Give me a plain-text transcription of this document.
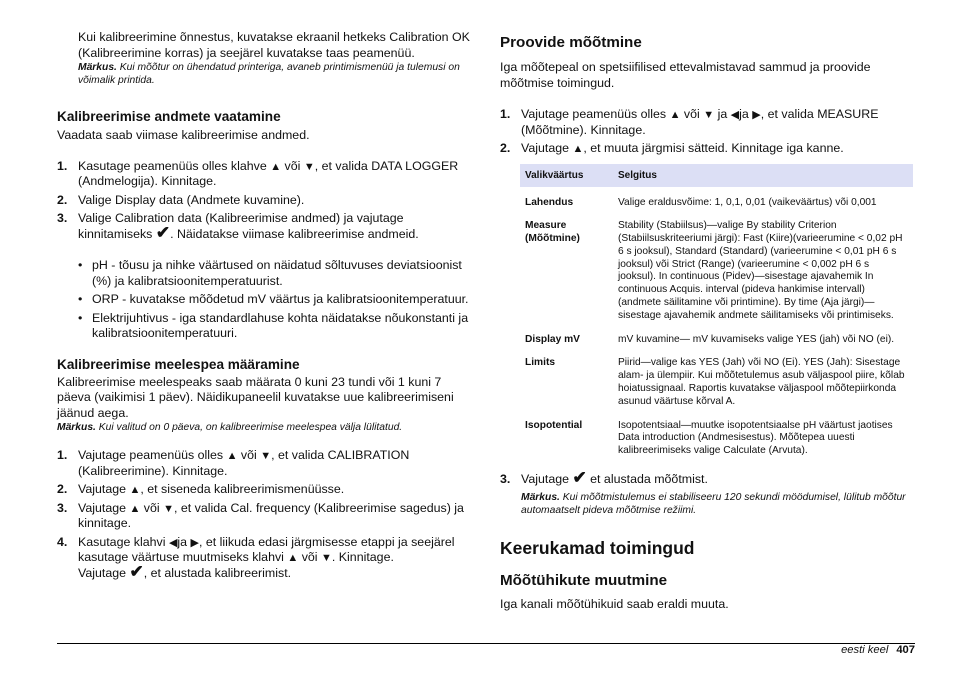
Kui kalibreerimine õnnestus, kuvatakse ekraanil hetkeks Calibration OK (Kalibreerimine korras) ja seejärel kuvatakse taas peamenüü.

Märkus. Kui mõõtur on ühendatud printeriga, avaneb printimismenüü ja tulemusi on võimalik printida.

Kalibreerimise andmete vaatamine

Vaadata saab viimase kalibreerimise andmed.

1. Kasutage peamenüüs olles klahve ▲ või ▼, et valida DATA LOGGER (Andmelogija). Kinnitage.
2. Valige Display data (Andmete kuvamine).
3. Valige Calibration data (Kalibreerimise andmed) ja vajutage kinnitamiseks ✔. Näidatakse viimase kalibreerimise andmeid.
• pH - tõusu ja nihke väärtused on näidatud sõltuvuses deviatsioonist (%) ja kalibratsioonitemperatuurist.
• ORP - kuvatakse mõõdetud mV väärtus ja kalibratsioonitemperatuur.
• Elektrijuhtivus - iga standardlahuse kohta näidatakse nõukonstanti ja kalibratsioonitemperatuuri.
Kalibreerimise meelespea määramine

Kalibreerimise meelespeaks saab määrata 0 kuni 23 tundi või 1 kuni 7 päeva (vaikimisi 1 päev). Näidikupaneelil kuvatakse uue kalibreerimiseni jäänud aega.

Märkus. Kui valitud on 0 päeva, on kalibreerimise meelespea välja lülitatud.

1. Vajutage peamenüüs olles ▲ või ▼, et valida CALIBRATION (Kalibreerimine). Kinnitage.
2. Vajutage ▲, et siseneda kalibreerimismenüüsse.
3. Vajutage ▲ või ▼, et valida Cal. frequency (Kalibreerimise sagedus) ja kinnitage.
4. Kasutage klahvi ◀ja ▶, et liikuda edasi järgmisesse etappi ja seejärel kasutage väärtuse muutmiseks klahvi ▲ või ▼. Kinnitage.
Vajutage ✔, et alustada kalibreerimist.
Proovide mõõtmine

Iga mõõtepeal on spetsiifilised ettevalmistavad sammud ja proovide mõõtmise toimingud.

1. Vajutage peamenüüs olles ▲ või ▼ ja ◀ja ▶, et valida MEASURE (Mõõtmine). Kinnitage.
2. Vajutage ▲, et muuta järgmisi sätteid. Kinnitage iga kanne.
Valikväärtus	Selgitus
Lahendus	Valige eraldusvõime: 1, 0,1, 0,01 (vaikeväärtus) või 0,001
Measure (Mõõtmine)	Stability (Stabiilsus)—valige By stability Criterion (Stabiilsuskriteeriumi järgi): Fast (Kiire)(varieerumine < 0,02 pH 6 s jooksul), Standard (Standard) (varieerumine < 0,01 pH 6 s jooksul) või Strict (Range) (varieerumine < 0,002 pH 6 s jooksul). In continuous (Pidev)—sisestage ajavahemik In continuous Acquis. interval (pideva hankimise intervall) (andmete säilitamine või printimine). By time (Aja järgi)—sisestage ajavahemik andmete säilitamiseks või printimiseks.
Display mV	mV kuvamine— mV kuvamiseks valige YES (jah) või NO (ei).
Limits	Piirid—valige kas YES (Jah) või NO (Ei). YES (Jah): Sisestage alam- ja ülempiir. Kui mõõtetulemus asub väljaspool piire, kõlab hoiatussignaal. Raportis kuvatakse väljaspool mõõtepiirkonda asunud väärtuse kõrval A.
Isopotential	Isopotentsiaal—muutke isopotentsiaalse pH väärtust jaotises Data introduction (Andmesisestus). Mõõtepea uuesti kalibreerimiseks valige Calculate (Arvuta).
3. Vajutage ✔ et alustada mõõtmist.

Märkus. Kui mõõtmistulemus ei stabiliseeru 120 sekundi möödumisel, lülitub mõõtur automaatselt pideva mõõtmise režiimi.

Keerukamad toimingud
Mõõtühikute muutmine

Iga kanali mõõtühikuid saab eraldi muuta.

eesti keel 407
